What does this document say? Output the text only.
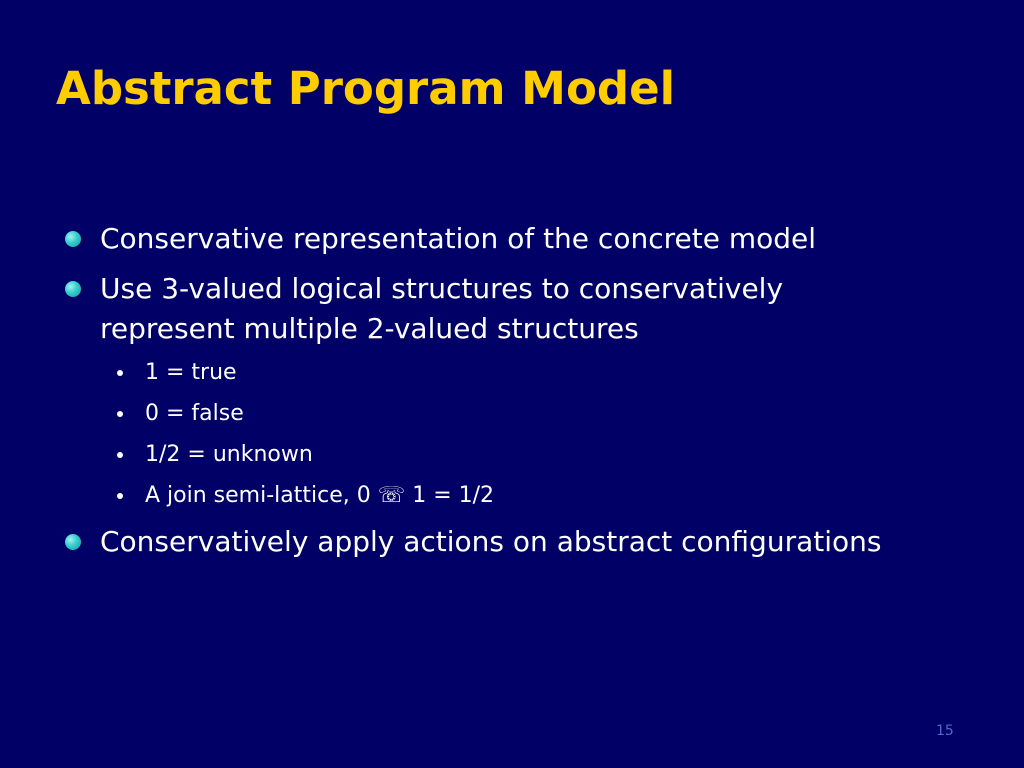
Abstract Program Model
Conservative representation of the concrete model
Use 3-valued logical structures to conservatively
represent multiple 2-valued structures
1 = true
0 = false
1/2 = unknown
A join semi-lattice, 0 ☏ 1 = 1/2
Conservatively apply actions on abstract configurations
15
